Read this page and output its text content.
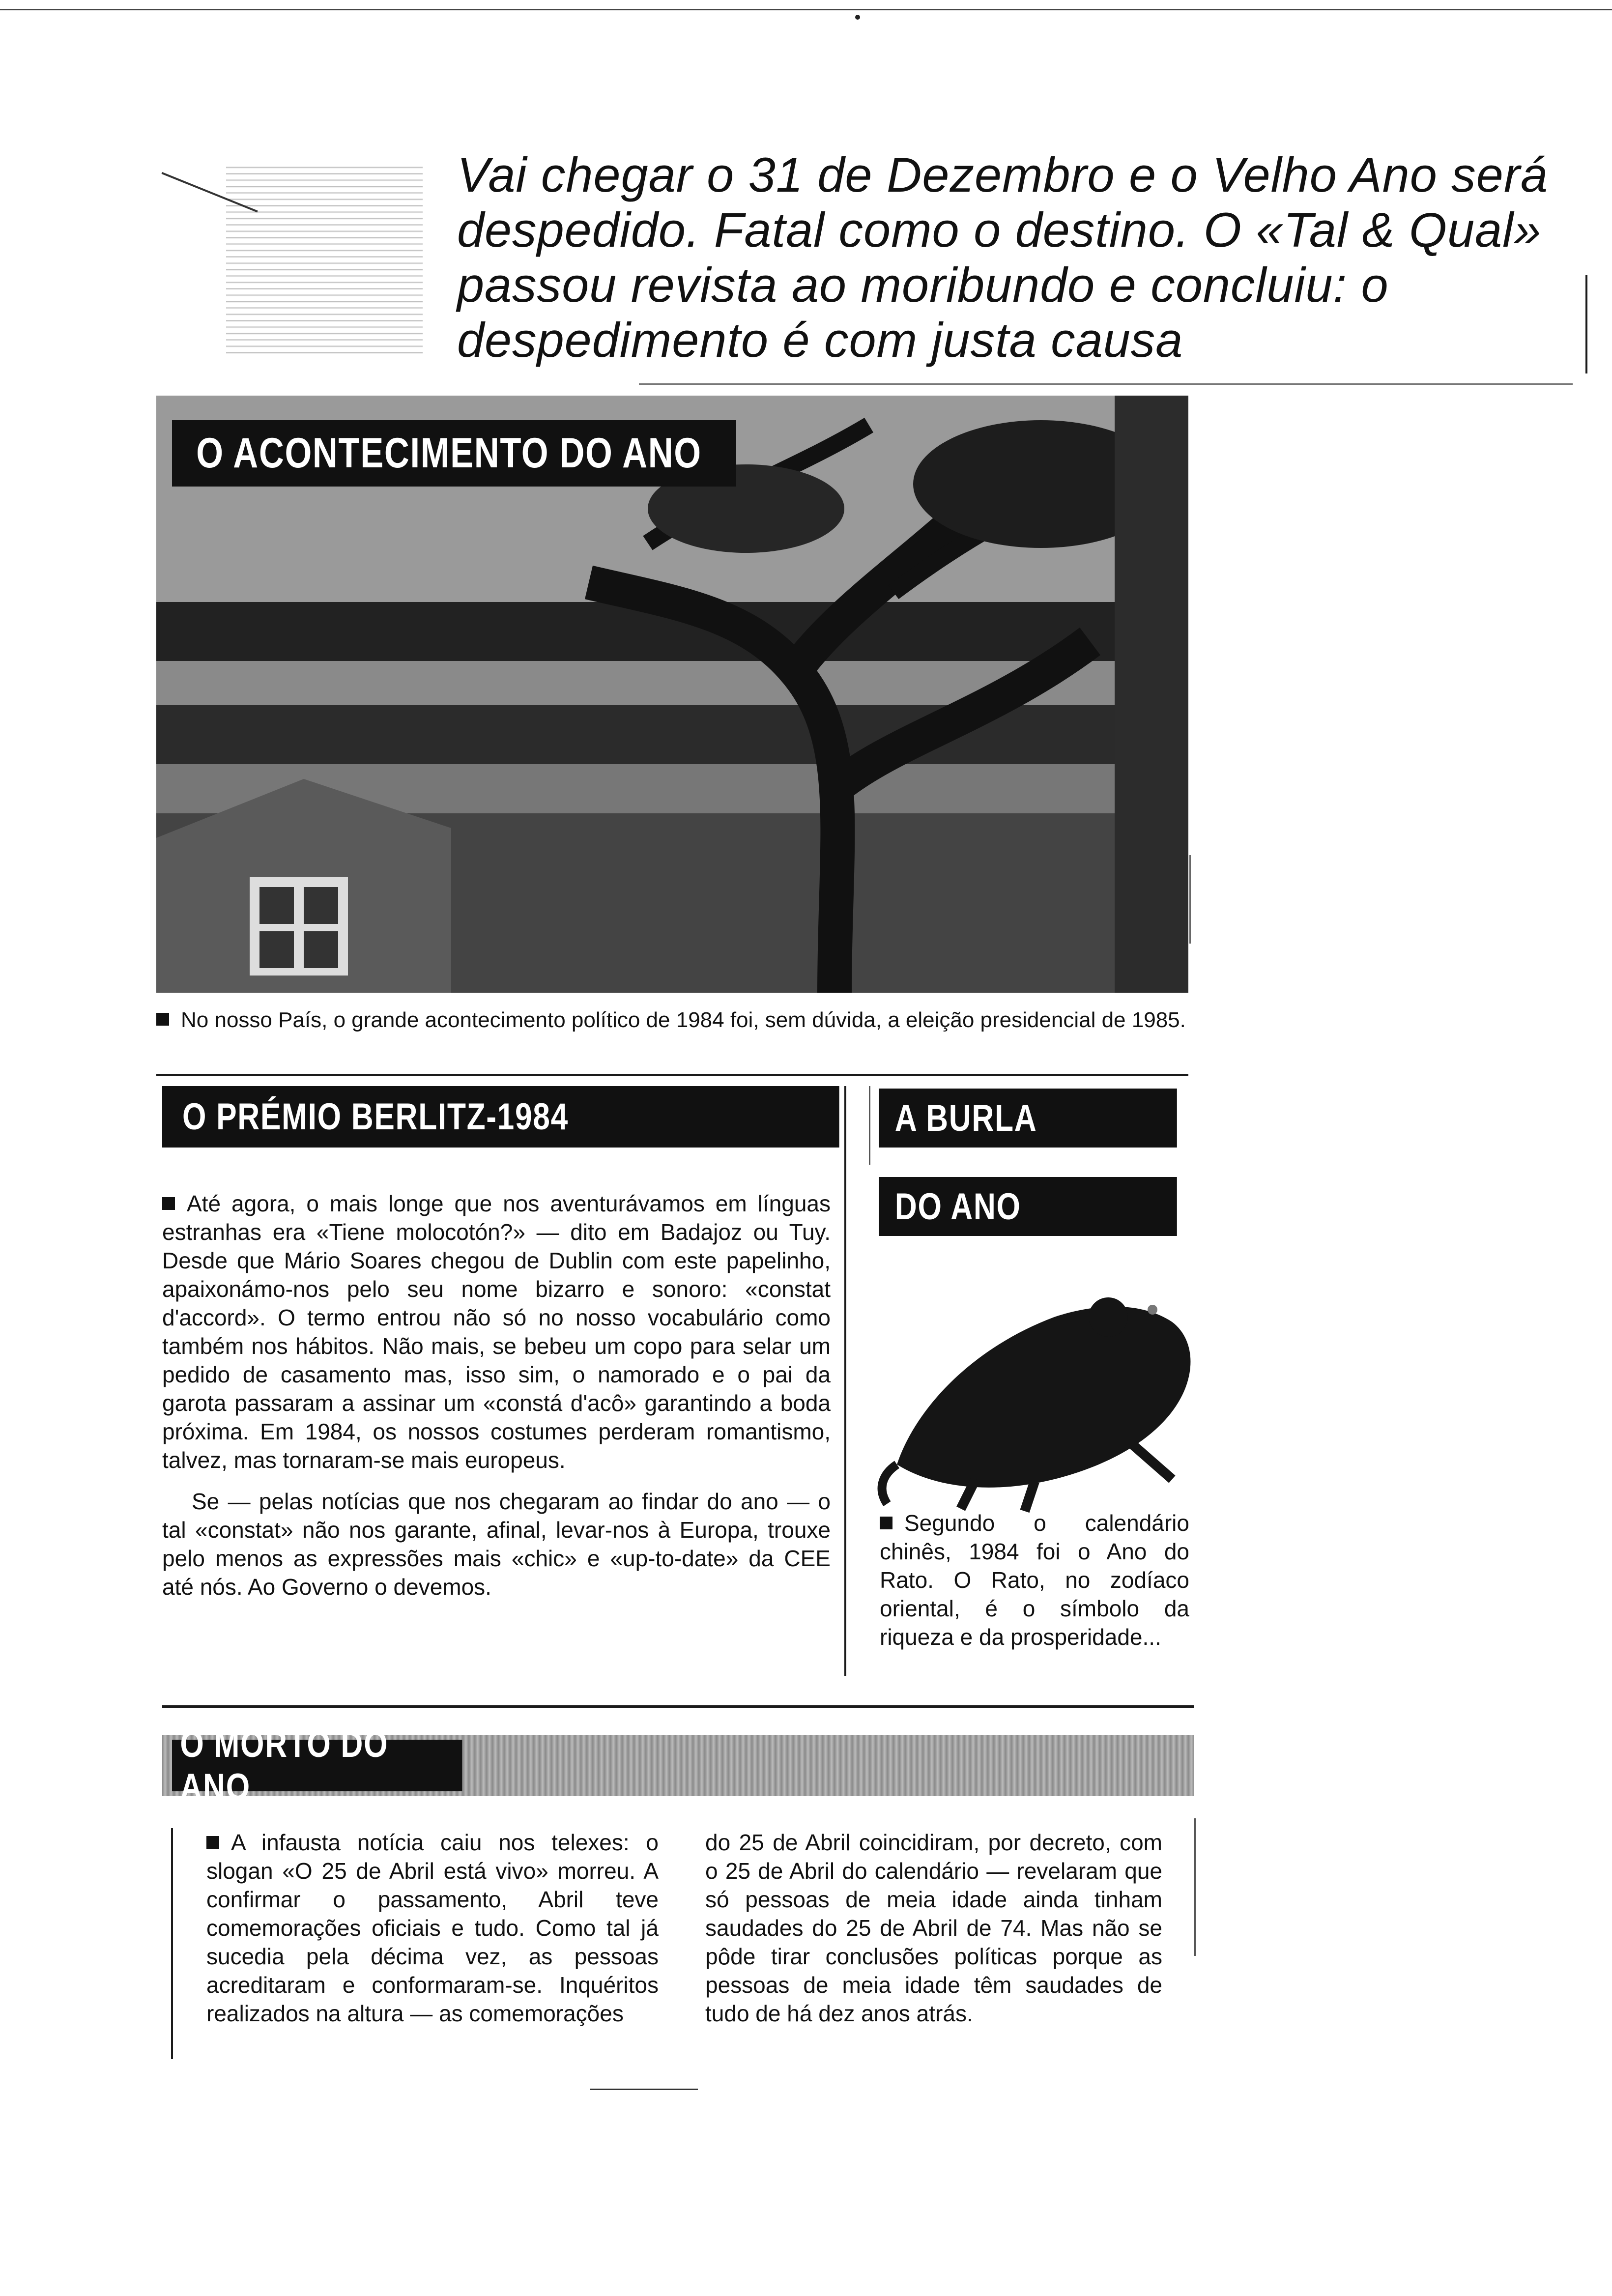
Vai chegar o 31 de Dezembro e o Velho Ano será despedido. Fatal como o destino. O «Tal & Qual» passou revista ao moribundo e concluiu: o despedimento é com justa causa
O ACONTECIMENTO DO ANO
No nosso País, o grande acontecimento político de 1984 foi, sem dúvida, a eleição presidencial de 1985.
O PRÉMIO BERLITZ-1984

Até agora, o mais longe que nos aventurávamos em línguas estranhas era «Tiene molocotón?» — dito em Badajoz ou Tuy. Desde que Mário Soares chegou de Dublin com este papelinho, apaixonámo-nos pelo seu nome bizarro e sonoro: «constat d'accord». O termo entrou não só no nosso vocabulário como também nos hábitos. Não mais, se bebeu um copo para selar um pedido de casamento mas, isso sim, o namorado e o pai da garota passaram a assinar um «constá d'acô» garantindo a boda próxima. Em 1984, os nossos costumes perderam romantismo, talvez, mas tornaram-se mais europeus.

Se — pelas notícias que nos chegaram ao findar do ano — o tal «constat» não nos garante, afinal, levar-nos à Europa, trouxe pelo menos as expressões mais «chic» e «up-to-date» da CEE até nós. Ao Governo o devemos.

A BURLA
DO ANO

Segundo o calendário chinês, 1984 foi o Ano do Rato. O Rato, no zodíaco oriental, é o símbolo da riqueza e da prosperidade...

O MORTO DO ANO

A infausta notícia caiu nos telexes: o slogan «O 25 de Abril está vivo» morreu. A confirmar o passamento, Abril teve comemorações oficiais e tudo. Como tal já sucedia pela décima vez, as pessoas acreditaram e conformaram-se. Inquéritos realizados na altura — as comemorações

do 25 de Abril coincidiram, por decreto, com o 25 de Abril do calendário — revelaram que só pessoas de meia idade ainda tinham saudades do 25 de Abril de 74. Mas não se pôde tirar conclusões políticas porque as pessoas de meia idade têm saudades de tudo de há dez anos atrás.
